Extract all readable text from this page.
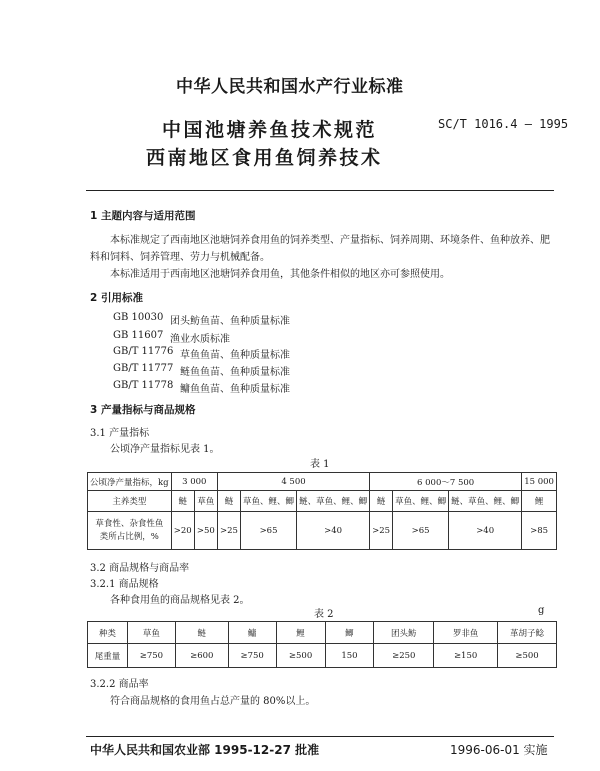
中华人民共和国水产行业标准
中国池塘养鱼技术规范
西南地区食用鱼饲养技术
SC/T 1016.4 — 1995
1 主题内容与适用范围
本标准规定了西南地区池塘饲养食用鱼的饲养类型、产量指标、饲养周期、环境条件、鱼种放养、肥
料和饲料、饲养管理、劳力与机械配备。
本标准适用于西南地区池塘饲养食用鱼，其他条件相似的地区亦可参照使用。
2 引用标准
GB 10030 团头鲂鱼苗、鱼种质量标准
GB 11607 渔业水质标准
GB/T 11776 草鱼鱼苗、鱼种质量标准
GB/T 11777 鲢鱼鱼苗、鱼种质量标准
GB/T 11778 鳙鱼鱼苗、鱼种质量标准
3 产量指标与商品规格
3.1 产量指标
公顷净产量指标见表 1。
表 1
公顷净产量指标，kg	3 000		4 500			6 000～7 500			15 000
主养类型	鲢	草鱼	鲢	草鱼、鲤、鲫	鲢、草鱼、鲤、鲫	鲢	草鱼、鲤、鲫	鲢、草鱼、鲤、鲫	鲤

草食性、杂食性鱼
类所占比例，%	>20	>50	>25	>65	>40	>25	>65	>40	>85
3.2 商品规格与商品率
3.2.1 商品规格
各种食用鱼的商品规格见表 2。
表 2	g
种类	草鱼	鲢	鳙	鲤	鲫	团头鲂	罗非鱼	革胡子鲶
尾重量	≥750	≥600	≥750	≥500	150	≥250	≥150	≥500
3.2.2 商品率
符合商品规格的食用鱼占总产量的 80%以上。
中华人民共和国农业部 1995-12-27 批准	1996-06-01 实施
